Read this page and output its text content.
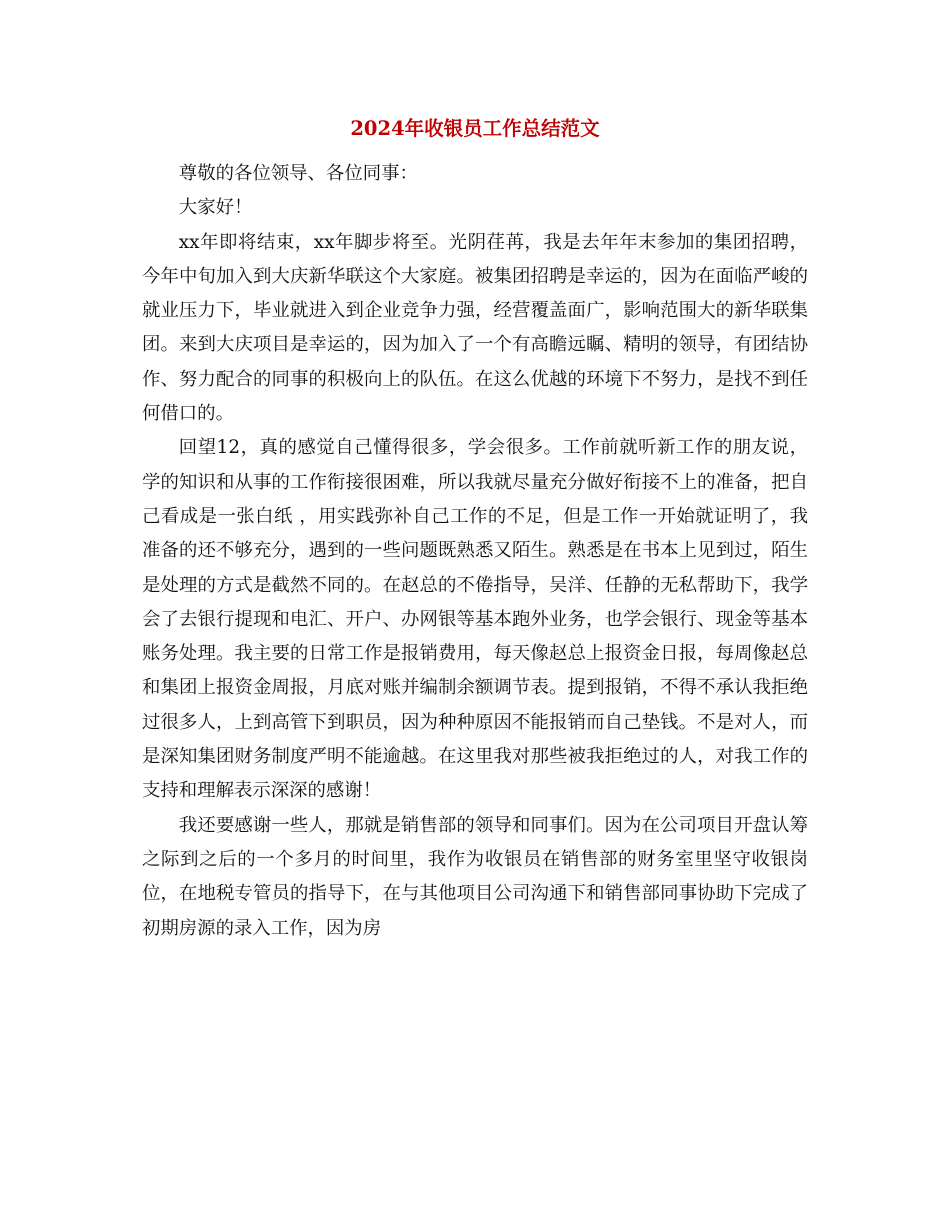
2024年收银员工作总结范文

尊敬的各位领导、各位同事：

大家好！

xx年即将结束，xx年脚步将至。光阴荏苒，我是去年年末参加的集团招聘，今年中旬加入到大庆新华联这个大家庭。被集团招聘是幸运的，因为在面临严峻的就业压力下，毕业就进入到企业竞争力强，经营覆盖面广，影响范围大的新华联集团。来到大庆项目是幸运的，因为加入了一个有高瞻远瞩、精明的领导，有团结协作、努力配合的同事的积极向上的队伍。在这么优越的环境下不努力，是找不到任何借口的。

回望12，真的感觉自己懂得很多，学会很多。工作前就听新工作的朋友说，学的知识和从事的工作衔接很困难，所以我就尽量充分做好衔接不上的准备，把自己看成是一张白纸 ，用实践弥补自己工作的不足，但是工作一开始就证明了，我准备的还不够充分，遇到的一些问题既熟悉又陌生。熟悉是在书本上见到过，陌生是处理的方式是截然不同的。在赵总的不倦指导，吴洋、任静的无私帮助下，我学会了去银行提现和电汇、开户、办网银等基本跑外业务，也学会银行、现金等基本账务处理。我主要的日常工作是报销费用，每天像赵总上报资金日报，每周像赵总和集团上报资金周报，月底对账并编制余额调节表。提到报销，不得不承认我拒绝过很多人，上到高管下到职员，因为种种原因不能报销而自己垫钱。不是对人，而是深知集团财务制度严明不能逾越。在这里我对那些被我拒绝过的人，对我工作的支持和理解表示深深的感谢！

我还要感谢一些人，那就是销售部的领导和同事们。因为在公司项目开盘认筹之际到之后的一个多月的时间里，我作为收银员在销售部的财务室里坚守收银岗位，在地税专管员的指导下，在与其他项目公司沟通下和销售部同事协助下完成了初期房源的录入工作，因为房
